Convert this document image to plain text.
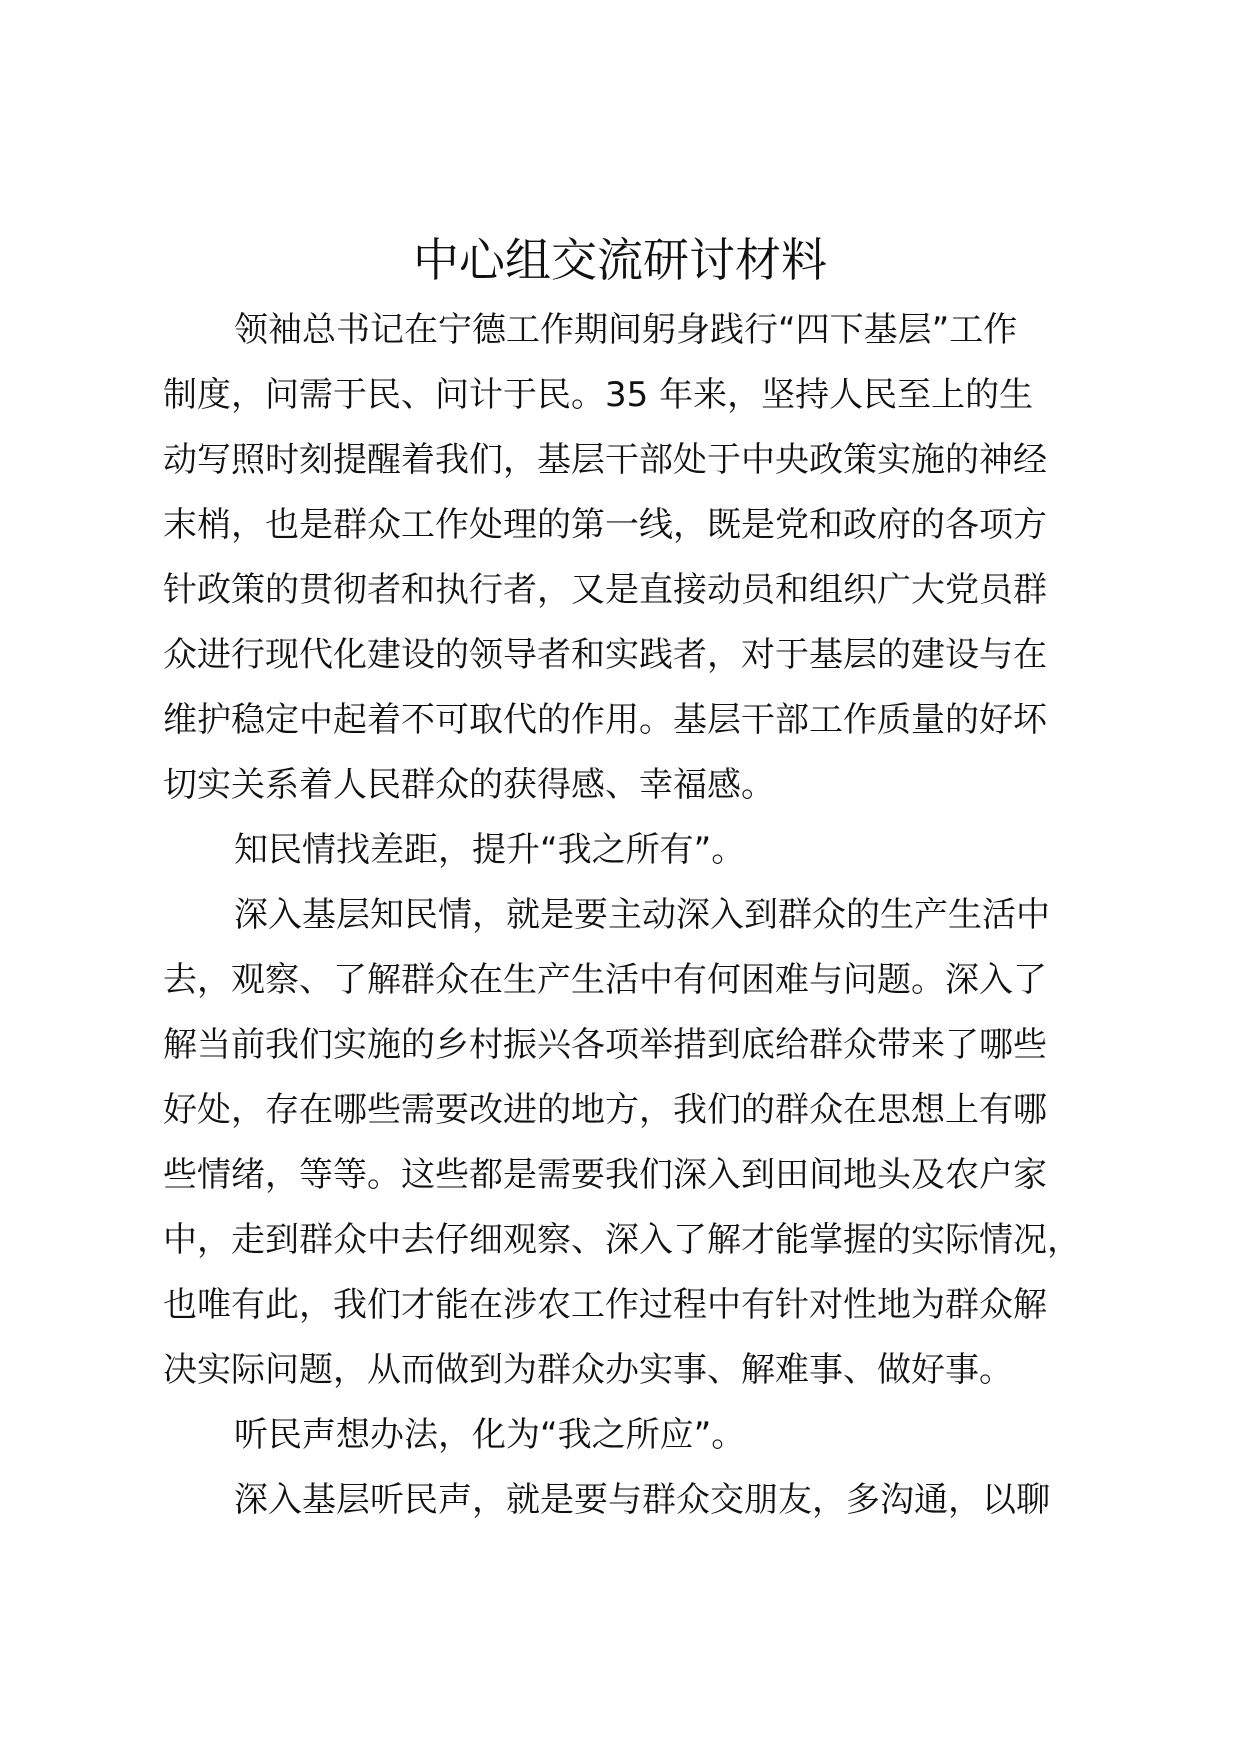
中心组交流研讨材料
领袖总书记在宁德工作期间躬身践行“四下基层”工作
制度，问需于民、问计于民。35 年来，坚持人民至上的生
动写照时刻提醒着我们，基层干部处于中央政策实施的神经
末梢，也是群众工作处理的第一线，既是党和政府的各项方
针政策的贯彻者和执行者，又是直接动员和组织广大党员群
众进行现代化建设的领导者和实践者，对于基层的建设与在
维护稳定中起着不可取代的作用。基层干部工作质量的好坏
切实关系着人民群众的获得感、幸福感。
知民情找差距，提升“我之所有”。
深入基层知民情，就是要主动深入到群众的生产生活中
去，观察、了解群众在生产生活中有何困难与问题。深入了
解当前我们实施的乡村振兴各项举措到底给群众带来了哪些
好处，存在哪些需要改进的地方，我们的群众在思想上有哪
些情绪，等等。这些都是需要我们深入到田间地头及农户家
中，走到群众中去仔细观察、深入了解才能掌握的实际情况，
也唯有此，我们才能在涉农工作过程中有针对性地为群众解
决实际问题，从而做到为群众办实事、解难事、做好事。
听民声想办法，化为“我之所应”。
深入基层听民声，就是要与群众交朋友，多沟通，以聊
